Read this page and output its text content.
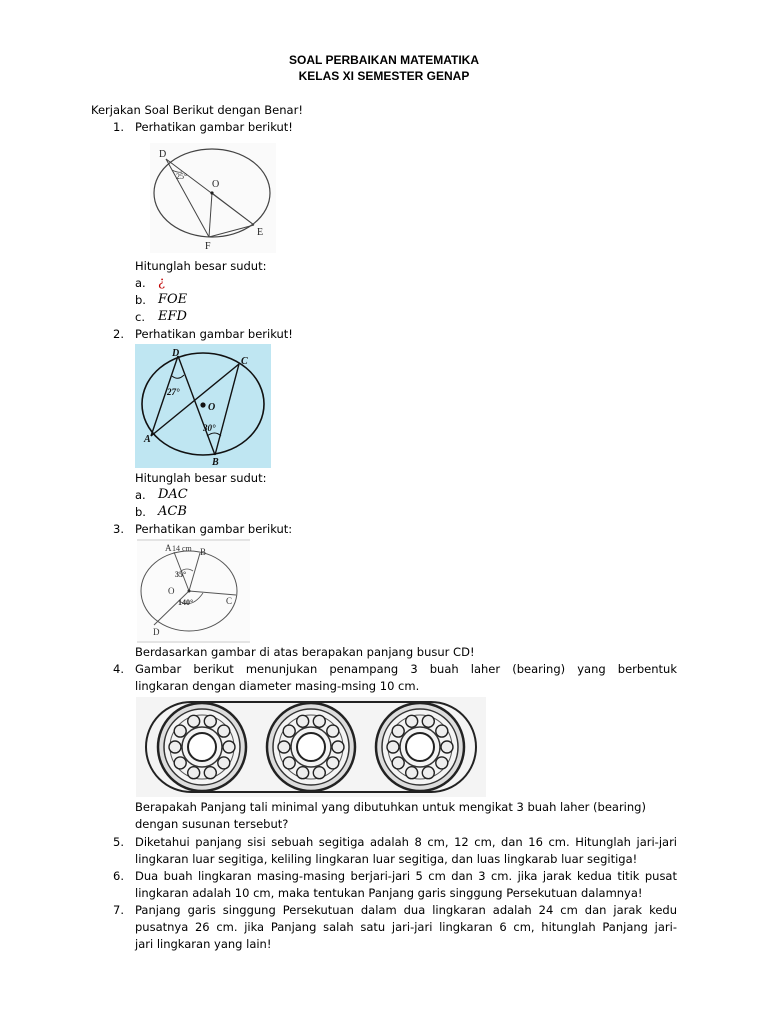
SOAL PERBAIKAN MATEMATIKA
KELAS XI SEMESTER GENAP
Kerjakan Soal Berikut dengan Benar!
1. Perhatikan gambar berikut!
D
O
F
E
25°
Hitunglah besar sudut:
a. ¿
b. FOE
c. EFD
2. Perhatikan gambar berikut!
D
C
O
A
B
27°
30°
Hitunglah besar sudut:
a. DAC
b. ACB
3. Perhatikan gambar berikut:
A 14 cm B
O
C
D
35°
140°
Berdasarkan gambar di atas berapakan panjang busur CD!
4. Gambar berikut menunjukan penampang 3 buah laher (bearing) yang berbentuk
lingkaran dengan diameter masing-msing 10 cm.
Berapakah Panjang tali minimal yang dibutuhkan untuk mengikat 3 buah laher (bearing)
dengan susunan tersebut?
5. Diketahui panjang sisi sebuah segitiga adalah 8 cm, 12 cm, dan 16 cm. Hitunglah jari-jari
lingkaran luar segitiga, keliling lingkaran luar segitiga, dan luas lingkarab luar segitiga!
6. Dua buah lingkaran masing-masing berjari-jari 5 cm dan 3 cm. jika jarak kedua titik pusat
lingkaran adalah 10 cm, maka tentukan Panjang garis singgung Persekutuan dalamnya!
7. Panjang garis singgung Persekutuan dalam dua lingkaran adalah 24 cm dan jarak kedu
pusatnya 26 cm. jika Panjang salah satu jari-jari lingkaran 6 cm, hitunglah Panjang jari-
jari lingkaran yang lain!
